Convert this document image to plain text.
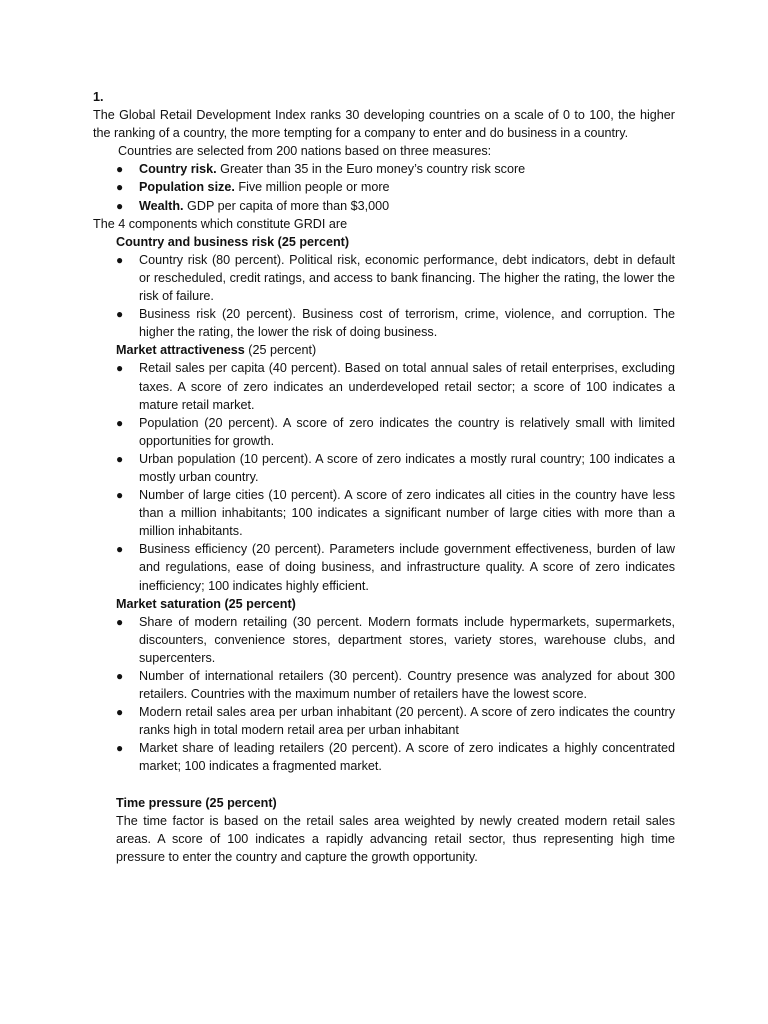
1.

The Global Retail Development Index ranks 30 developing countries on a scale of 0 to 100, the higher the ranking of a country, the more tempting for a company to enter and do business in a country.

Countries are selected from 200 nations based on three measures:

● Country risk. Greater than 35 in the Euro money’s country risk score
● Population size. Five million people or more
● Wealth. GDP per capita of more than $3,000

The 4 components which constitute GRDI are

Country and business risk (25 percent)

● Country risk (80 percent). Political risk, economic performance, debt indicators, debt in default or rescheduled, credit ratings, and access to bank financing. The higher the rating, the lower the risk of failure.
● Business risk (20 percent). Business cost of terrorism, crime, violence, and corruption. The higher the rating, the lower the risk of doing business.

Market attractiveness (25 percent)

● Retail sales per capita (40 percent). Based on total annual sales of retail enterprises, excluding taxes. A score of zero indicates an underdeveloped retail sector; a score of 100 indicates a mature retail market.
● Population (20 percent). A score of zero indicates the country is relatively small with limited opportunities for growth.
● Urban population (10 percent). A score of zero indicates a mostly rural country; 100 indicates a mostly urban country.
● Number of large cities (10 percent). A score of zero indicates all cities in the country have less than a million inhabitants; 100 indicates a significant number of large cities with more than a million inhabitants.
● Business efficiency (20 percent). Parameters include government effectiveness, burden of law and regulations, ease of doing business, and infrastructure quality. A score of zero indicates inefficiency; 100 indicates highly efficient.

Market saturation (25 percent)

● Share of modern retailing (30 percent. Modern formats include hypermarkets, supermarkets, discounters, convenience stores, department stores, variety stores, warehouse clubs, and supercenters.
● Number of international retailers (30 percent). Country presence was analyzed for about 300 retailers. Countries with the maximum number of retailers have the lowest score.
● Modern retail sales area per urban inhabitant (20 percent). A score of zero indicates the country ranks high in total modern retail area per urban inhabitant
● Market share of leading retailers (20 percent). A score of zero indicates a highly concentrated market; 100 indicates a fragmented market.

Time pressure (25 percent)

The time factor is based on the retail sales area weighted by newly created modern retail sales areas. A score of 100 indicates a rapidly advancing retail sector, thus representing high time pressure to enter the country and capture the growth opportunity.
